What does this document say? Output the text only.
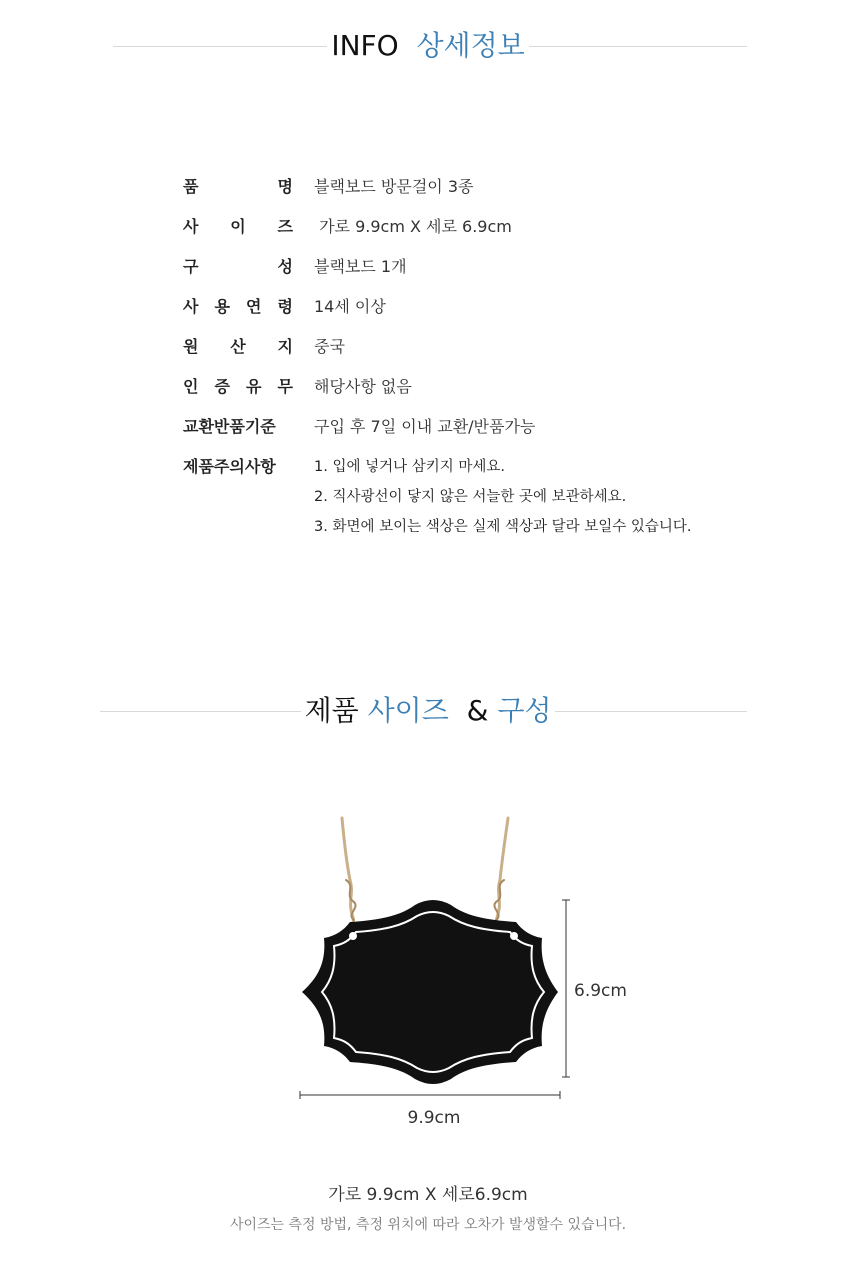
INFO 상세정보
품	명 블랙보드 방문걸이 3종
사 이 즈 가로 9.9cm X 세로 6.9cm
구	성 블랙보드 1개
사 용 연 령 14세 이상
원 산 지 중국
인 증 유 무 해당사항 없음
교환반품기준	구입 후 7일 이내 교환/반품가능
제품주의사항	1. 입에 넣거나 삼키지 마세요.
2. 직사광선이 닿지 않은 서늘한 곳에 보관하세요.
3. 화면에 보이는 색상은 실제 색상과 달라 보일수 있습니다.
제품 사이즈 & 구성
6.9cm
9.9cm
가로 9.9cm X 세로6.9cm
사이즈는 측정 방법, 측정 위치에 따라 오차가 발생할수 있습니다.
